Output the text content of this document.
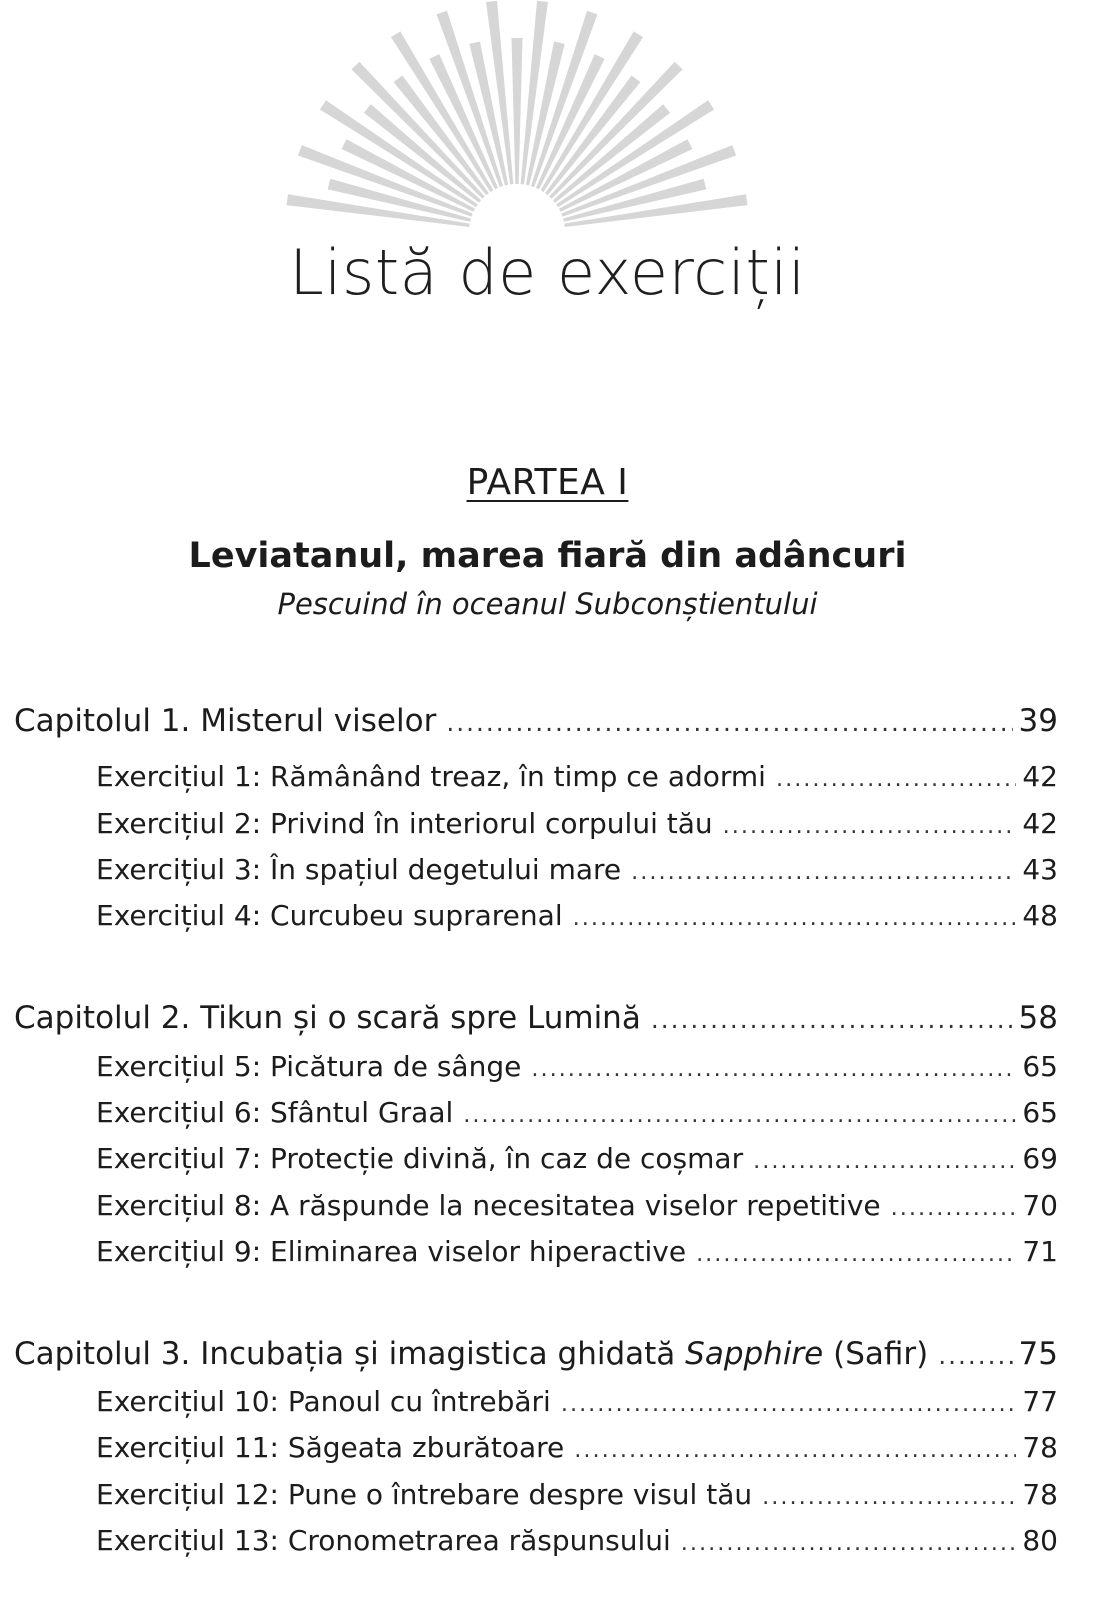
Listă de exerciții
PARTEA I
Leviatanul, marea fiară din adâncuri
Pescuind în oceanul Subconștientului
Capitolul 1. Misterul viselor .....	39
Exercițiul 1: Rămânând treaz, în timp ce adormi .....	42
Exercițiul 2: Privind în interiorul corpului tău .....	42
Exercițiul 3: În spațiul degetului mare .....	43
Exercițiul 4: Curcubeu suprarenal .....	48
Capitolul 2. Tikun și o scară spre Lumină .....	58
Exercițiul 5: Picătura de sânge .....	65
Exercițiul 6: Sfântul Graal .....	65
Exercițiul 7: Protecție divină, în caz de coșmar .....	69
Exercițiul 8: A răspunde la necesitatea viselor repetitive .....	70
Exercițiul 9: Eliminarea viselor hiperactive .....	71
Capitolul 3. Incubația și imagistica ghidată Sapphire (Safir) .....	75
Exercițiul 10: Panoul cu întrebări .....	77
Exercițiul 11: Săgeata zburătoare .....	78
Exercițiul 12: Pune o întrebare despre visul tău .....	78
Exercițiul 13: Cronometrarea răspunsului .....	80
